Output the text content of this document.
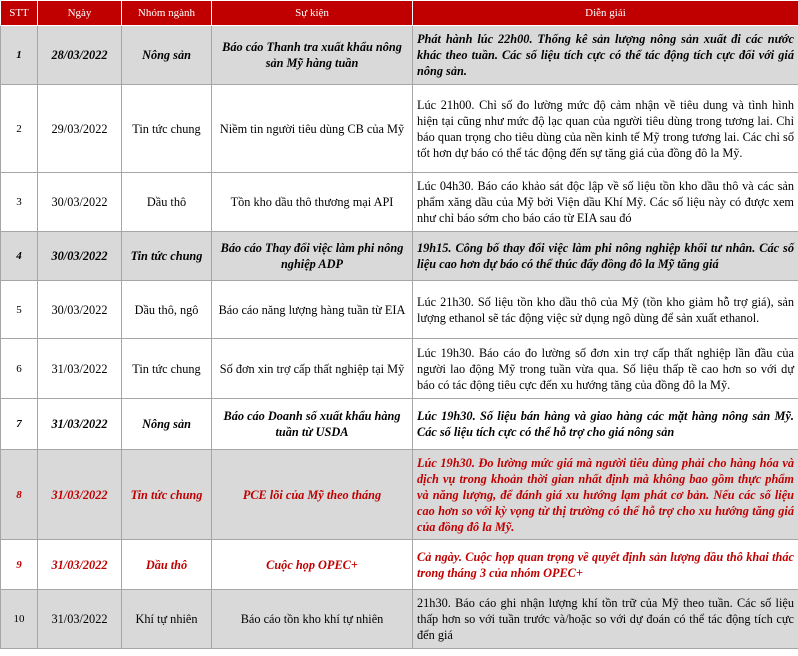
STT	Ngày	Nhóm ngành	Sự kiện	Diễn giải
1	28/03/2022	Nông sản	Báo cáo Thanh tra xuất khẩu nông sản Mỹ hàng tuần	Phát hành lúc 22h00. Thống kê sản lượng nông sản xuất đi các nước khác theo tuần. Các số liệu tích cực có thể tác động tích cực đối với giá nông sản.
2	29/03/2022	Tin tức chung	Niềm tin người tiêu dùng CB của Mỹ	Lúc 21h00. Chỉ số đo lường mức độ cảm nhận về tiêu dung và tình hình hiện tại cũng như mức độ lạc quan của người tiêu dùng trong tương lai. Chỉ báo quan trọng cho tiêu dùng của nền kinh tế Mỹ trong tương lai. Các chỉ số tốt hơn dự báo có thể tác động đến sự tăng giá của đồng đô la Mỹ.
3	30/03/2022	Dầu thô	Tồn kho dầu thô thương mại API	Lúc 04h30. Báo cáo khảo sát độc lập về số liệu tồn kho dầu thô và các sản phẩm xăng dầu của Mỹ bởi Viện dầu Khí Mỹ. Các số liệu này có được xem như chỉ báo sớm cho báo cáo từ EIA sau đó
4	30/03/2022	Tin tức chung	Báo cáo Thay đổi việc làm phi nông nghiệp ADP	19h15. Công bố thay đổi việc làm phi nông nghiệp khối tư nhân. Các số liệu cao hơn dự báo có thể thúc đẩy đồng đô la Mỹ tăng giá
5	30/03/2022	Dầu thô, ngô	Báo cáo năng lượng hàng tuần từ EIA	Lúc 21h30. Số liệu tồn kho dầu thô của Mỹ (tồn kho giảm hỗ trợ giá), sản lượng ethanol sẽ tác động việc sử dụng ngô dùng để sản xuất ethanol.
6	31/03/2022	Tin tức chung	Số đơn xin trợ cấp thất nghiệp tại Mỹ	Lúc 19h30. Báo cáo đo lường số đơn xin trợ cấp thất nghiệp lần đầu của người lao động Mỹ trong tuần vừa qua. Số liệu thấp tề cao hơn so với dự báo có tác động tiêu cực đến xu hướng tăng của đồng đô la Mỹ.
7	31/03/2022	Nông sản	Báo cáo Doanh số xuất khẩu hàng tuần từ USDA	Lúc 19h30. Số liệu bán hàng và giao hàng các mặt hàng nông sản Mỹ. Các số liệu tích cực có thể hỗ trợ cho giá nông sản
8	31/03/2022	Tin tức chung	PCE lõi của Mỹ theo tháng	Lúc 19h30. Đo lường mức giá mà người tiêu dùng phải cho hàng hóa và dịch vụ trong khoản thời gian nhất định mà không bao gồm thực phẩm và năng lượng, để đánh giá xu hướng lạm phát cơ bản. Nếu các số liệu cao hơn so với kỳ vọng từ thị trường có thể hỗ trợ cho xu hướng tăng giá của đồng đô la Mỹ.
9	31/03/2022	Dầu thô	Cuộc họp OPEC+	Cả ngày. Cuộc họp quan trọng về quyết định sản lượng dầu thô khai thác trong tháng 3 của nhóm OPEC+
10	31/03/2022	Khí tự nhiên	Báo cáo tồn kho khí tự nhiên	21h30. Báo cáo ghi nhận lượng khí tồn trữ của Mỹ theo tuần. Các số liệu thấp hơn so với tuần trước và/hoặc so với dự đoán có thể tác động tích cực đến giá
